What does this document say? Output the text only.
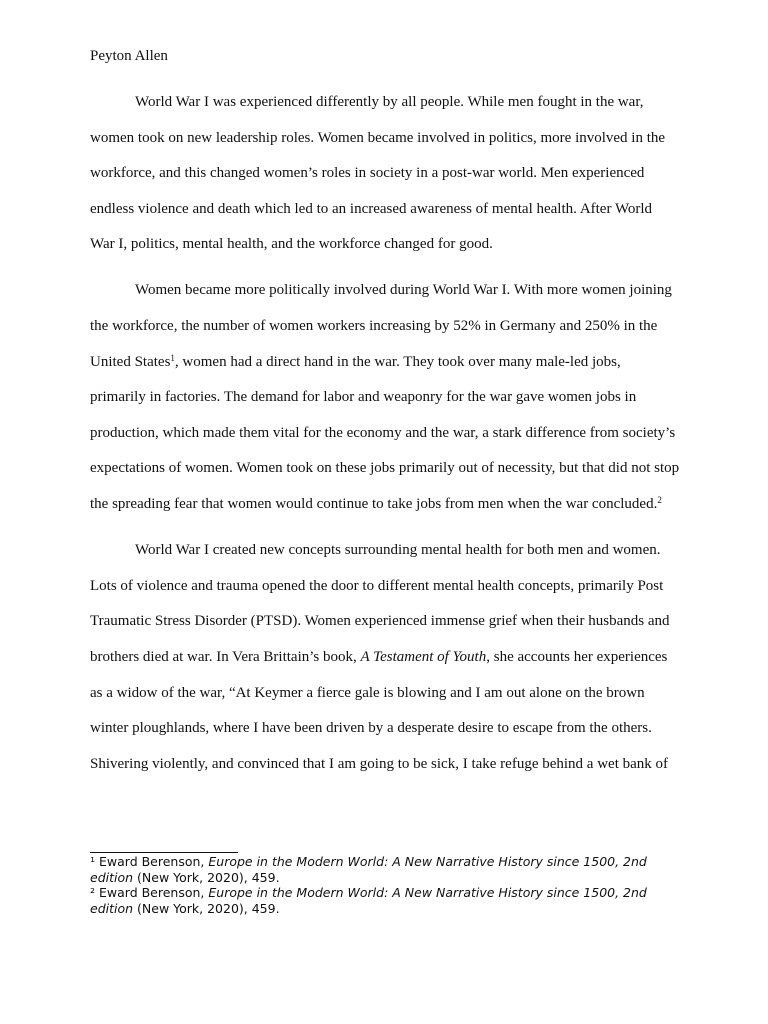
Peyton Allen

World War I was experienced differently by all people. While men fought in the war, women took on new leadership roles. Women became involved in politics, more involved in the workforce, and this changed women’s roles in society in a post-war world. Men experienced endless violence and death which led to an increased awareness of mental health. After World War I, politics, mental health, and the workforce changed for good.

Women became more politically involved during World War I. With more women joining the workforce, the number of women workers increasing by 52% in Germany and 250% in the United States$^1$, women had a direct hand in the war. They took over many male-led jobs, primarily in factories. The demand for labor and weaponry for the war gave women jobs in production, which made them vital for the economy and the war, a stark difference from society’s expectations of women. Women took on these jobs primarily out of necessity, but that did not stop the spreading fear that women would continue to take jobs from men when the war concluded.$^2$

World War I created new concepts surrounding mental health for both men and women. Lots of violence and trauma opened the door to different mental health concepts, primarily Post Traumatic Stress Disorder (PTSD). Women experienced immense grief when their husbands and brothers died at war. In Vera Brittain’s book, A Testament of Youth, she accounts her experiences as a widow of the war, “At Keymer a fierce gale is blowing and I am out alone on the brown winter ploughlands, where I have been driven by a desperate desire to escape from the others. Shivering violently, and convinced that I am going to be sick, I take refuge behind a wet bank of

¹ Eward Berenson, Europe in the Modern World: A New Narrative History since 1500, 2nd edition (New York, 2020), 459.

² Eward Berenson, Europe in the Modern World: A New Narrative History since 1500, 2nd edition (New York, 2020), 459.
